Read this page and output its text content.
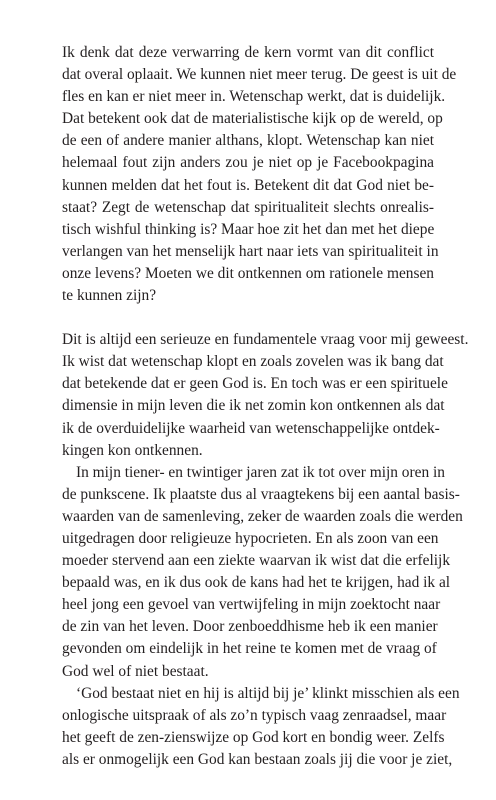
Ik denk dat deze verwarring de kern vormt van dit conflict
dat overal oplaait. We kunnen niet meer terug. De geest is uit de
fles en kan er niet meer in. Wetenschap werkt, dat is duidelijk.
Dat betekent ook dat de materialistische kijk op de wereld, op
de een of andere manier althans, klopt. Wetenschap kan niet
helemaal fout zijn anders zou je niet op je Facebookpagina
kunnen melden dat het fout is. Betekent dit dat God niet be-
staat? Zegt de wetenschap dat spiritualiteit slechts onrealis-
tisch wishful thinking is? Maar hoe zit het dan met het diepe
verlangen van het menselijk hart naar iets van spiritualiteit in
onze levens? Moeten we dit ontkennen om rationele mensen
te kunnen zijn?
Dit is altijd een serieuze en fundamentele vraag voor mij geweest.
Ik wist dat wetenschap klopt en zoals zovelen was ik bang dat
dat betekende dat er geen God is. En toch was er een spirituele
dimensie in mijn leven die ik net zomin kon ontkennen als dat
ik de overduidelijke waarheid van wetenschappelijke ontdek-
kingen kon ontkennen.
In mijn tiener- en twintiger jaren zat ik tot over mijn oren in
de punkscene. Ik plaatste dus al vraagtekens bij een aantal basis-
waarden van de samenleving, zeker de waarden zoals die werden
uitgedragen door religieuze hypocrieten. En als zoon van een
moeder stervend aan een ziekte waarvan ik wist dat die erfelijk
bepaald was, en ik dus ook de kans had het te krijgen, had ik al
heel jong een gevoel van vertwijfeling in mijn zoektocht naar
de zin van het leven. Door zenboeddhisme heb ik een manier
gevonden om eindelijk in het reine te komen met de vraag of
God wel of niet bestaat.
‘God bestaat niet en hij is altijd bij je’ klinkt misschien als een
onlogische uitspraak of als zo’n typisch vaag zenraadsel, maar
het geeft de zen-zienswijze op God kort en bondig weer. Zelfs
als er onmogelijk een God kan bestaan zoals jij die voor je ziet,
